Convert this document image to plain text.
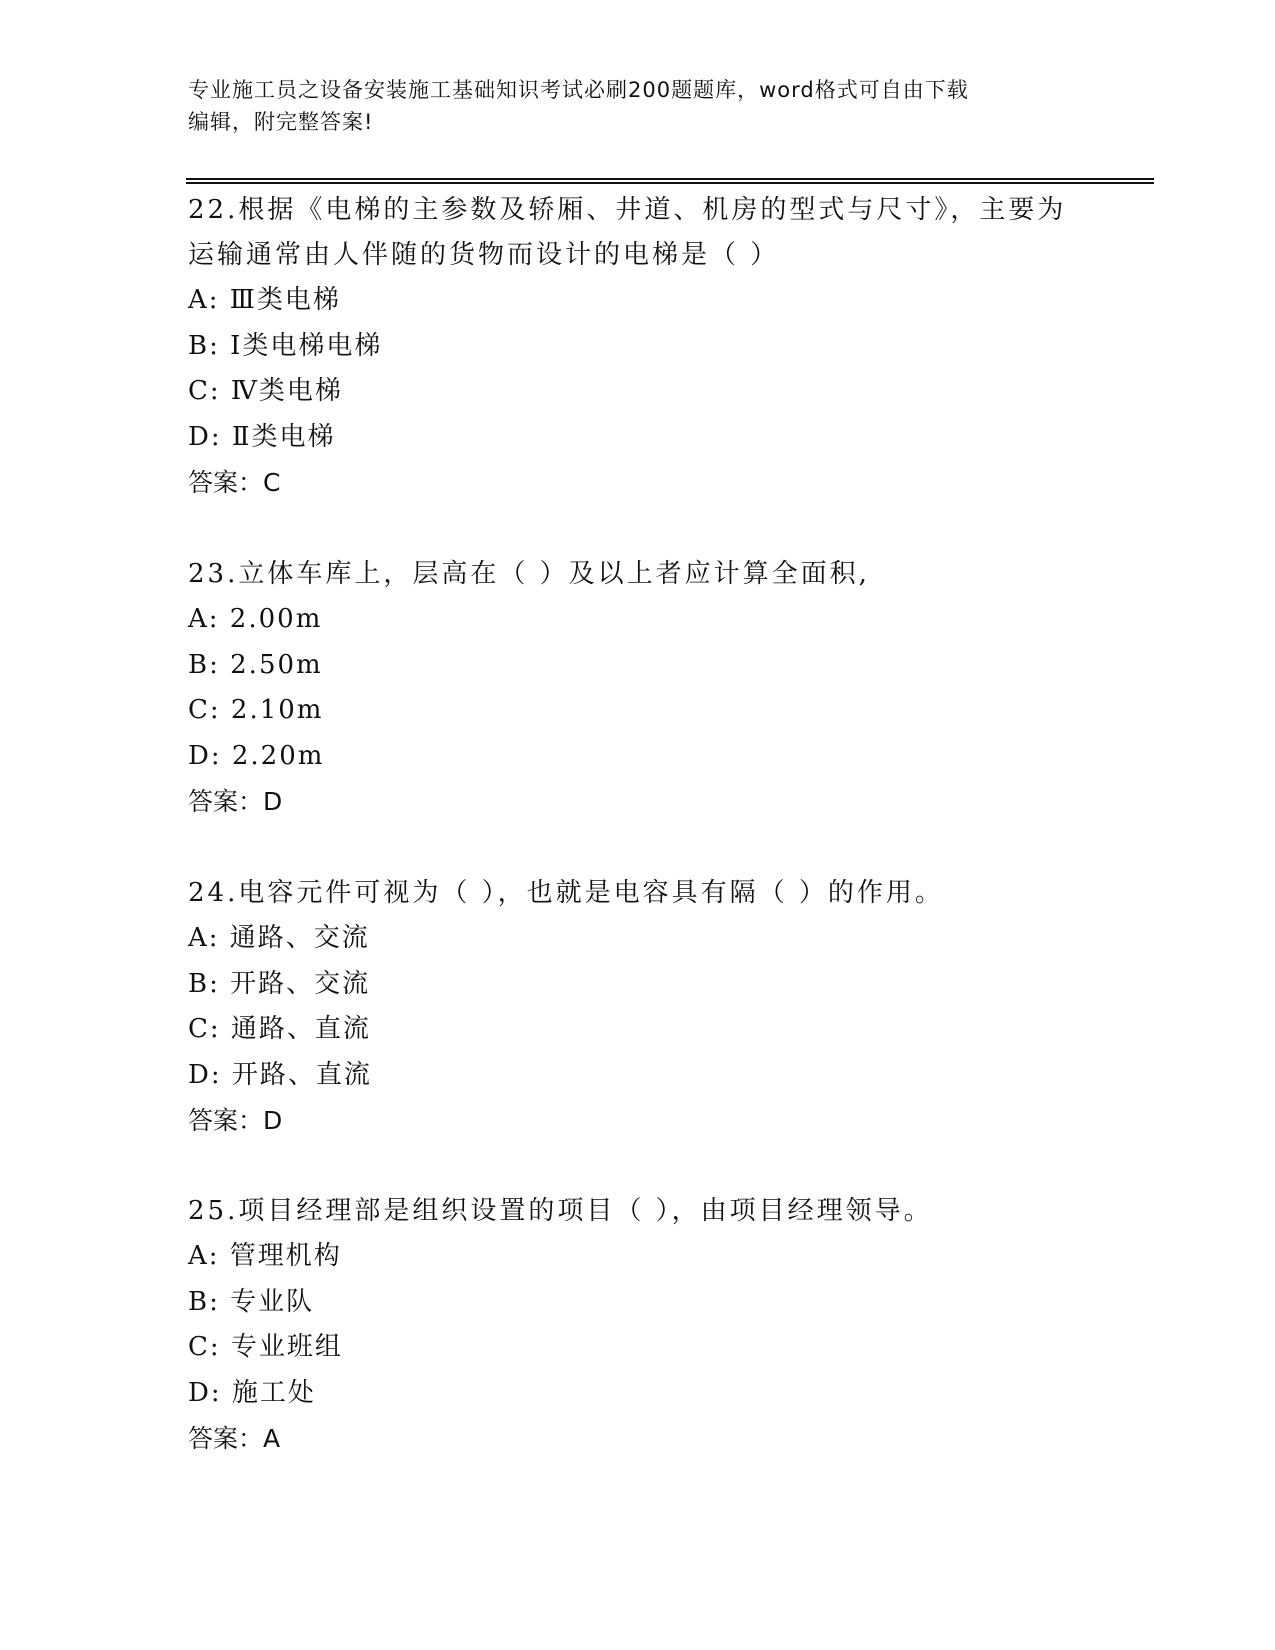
专业施工员之设备安装施工基础知识考试必刷200题题库，word格式可自由下载
编辑，附完整答案!

22.根据《电梯的主参数及轿厢、井道、机房的型式与尺寸》，主要为

运输通常由人伴随的货物而设计的电梯是（ ）

A: Ⅲ类电梯

B: Ⅰ类电梯电梯

C: Ⅳ类电梯

D: Ⅱ类电梯

答案：C

23.立体车库上，层高在（ ）及以上者应计算全面积,

A: 2.00m

B: 2.50m

C: 2.10m

D: 2.20m

答案：D

24.电容元件可视为（ ），也就是电容具有隔（ ）的作用。

A: 通路、交流

B: 开路、交流

C: 通路、直流

D: 开路、直流

答案：D

25.项目经理部是组织设置的项目（ ），由项目经理领导。

A: 管理机构

B: 专业队

C: 专业班组

D: 施工处

答案：A
